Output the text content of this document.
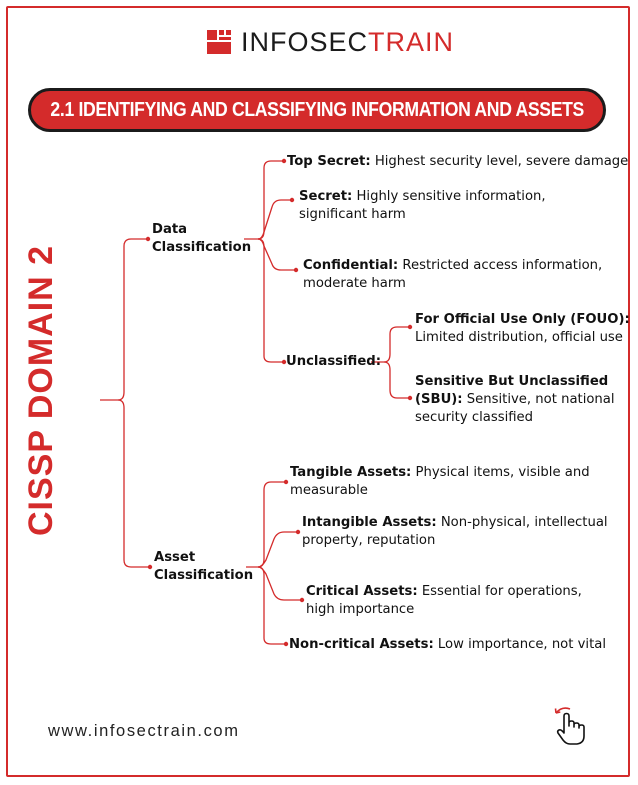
INFOSECTRAIN
2.1 IDENTIFYING AND CLASSIFYING INFORMATION AND ASSETS
CISSP DOMAIN 2
Data
Classification
Top Secret: Highest security level, severe damage
Secret: Highly sensitive information,
significant harm
Confidential: Restricted access information,
moderate harm
Unclassified:
For Official Use Only (FOUO):
Limited distribution, official use
Sensitive But Unclassified
(SBU): Sensitive, not national
security classified
Asset
Classification
Tangible Assets: Physical items, visible and
measurable
Intangible Assets: Non-physical, intellectual
property, reputation
Critical Assets: Essential for operations,
high importance
Non-critical Assets: Low importance, not vital
www.infosectrain.com
